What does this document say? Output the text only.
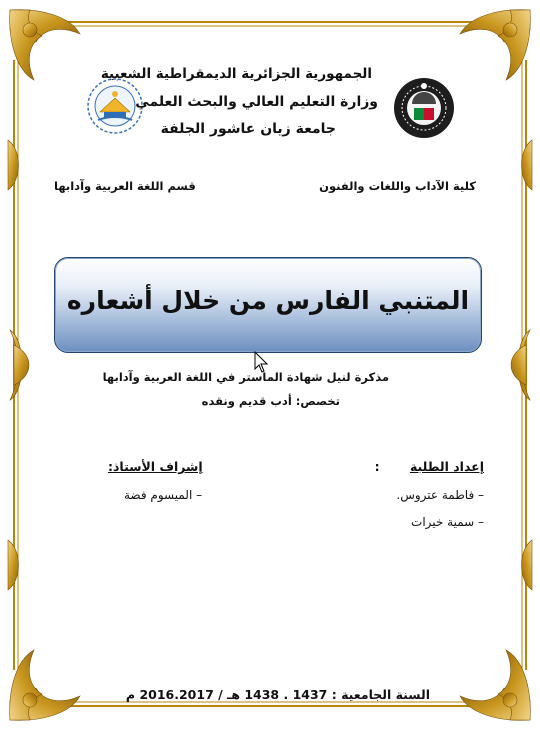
الجمهورية الجزائرية الديمقراطية الشعبية
وزارة التعليم العالي والبحث العلمي
جامعة زيان عاشور الجلفة
كلية الآداب واللغات والفنون
قسم اللغة العربية وآدابها
المتنبي الفارس من خلال أشعاره
مذكرة لنيل شهادة الماستر في اللغة العربية وآدابها
تخصص: أدب قديم ونقده
إعداد الطلبة :
– فاطمة عتروس.
– سمية خيرات
إشراف الأستاذ:
– الميسوم فضة
السنة الجامعية : 1437 . 1438 هـ / 2016.2017 م
